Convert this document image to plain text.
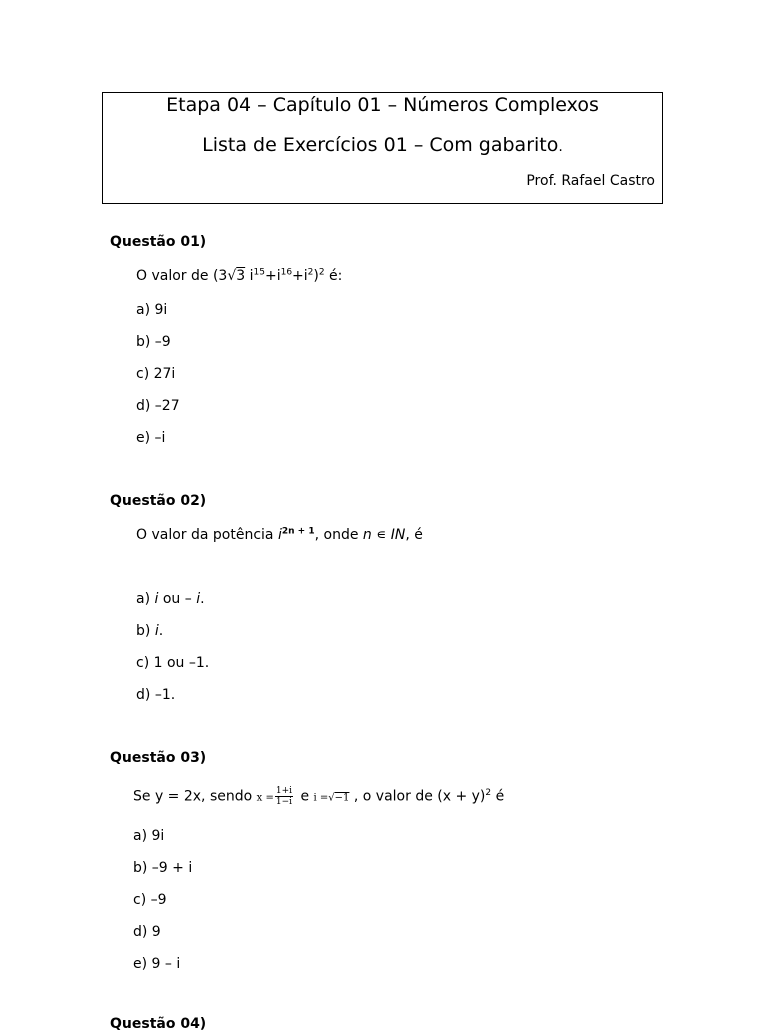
Etapa 04 – Capítulo 01 – Números Complexos
Lista de Exercícios 01 – Com gabarito.
Prof. Rafael Castro
Questão 01)
O valor de (3√3 $i^{15}+i^{16}+i^2)^2$ é:
a) 9i
b) –9
c) 27i
d) –27
e) –i
Questão 02)
O valor da potência $i^{2n + 1}$, onde n ∊ IN, é
a) i ou – i.
b) i.
c) 1 ou –1.
d) –1.
Questão 03)
Se y = 2x, sendo $x = \frac{1+i}{1-i}$ e i =√−1 , o valor de $(x + y)^2$ é
a) 9i
b) –9 + i
c) –9
d) 9
e) 9 – i
Questão 04)
